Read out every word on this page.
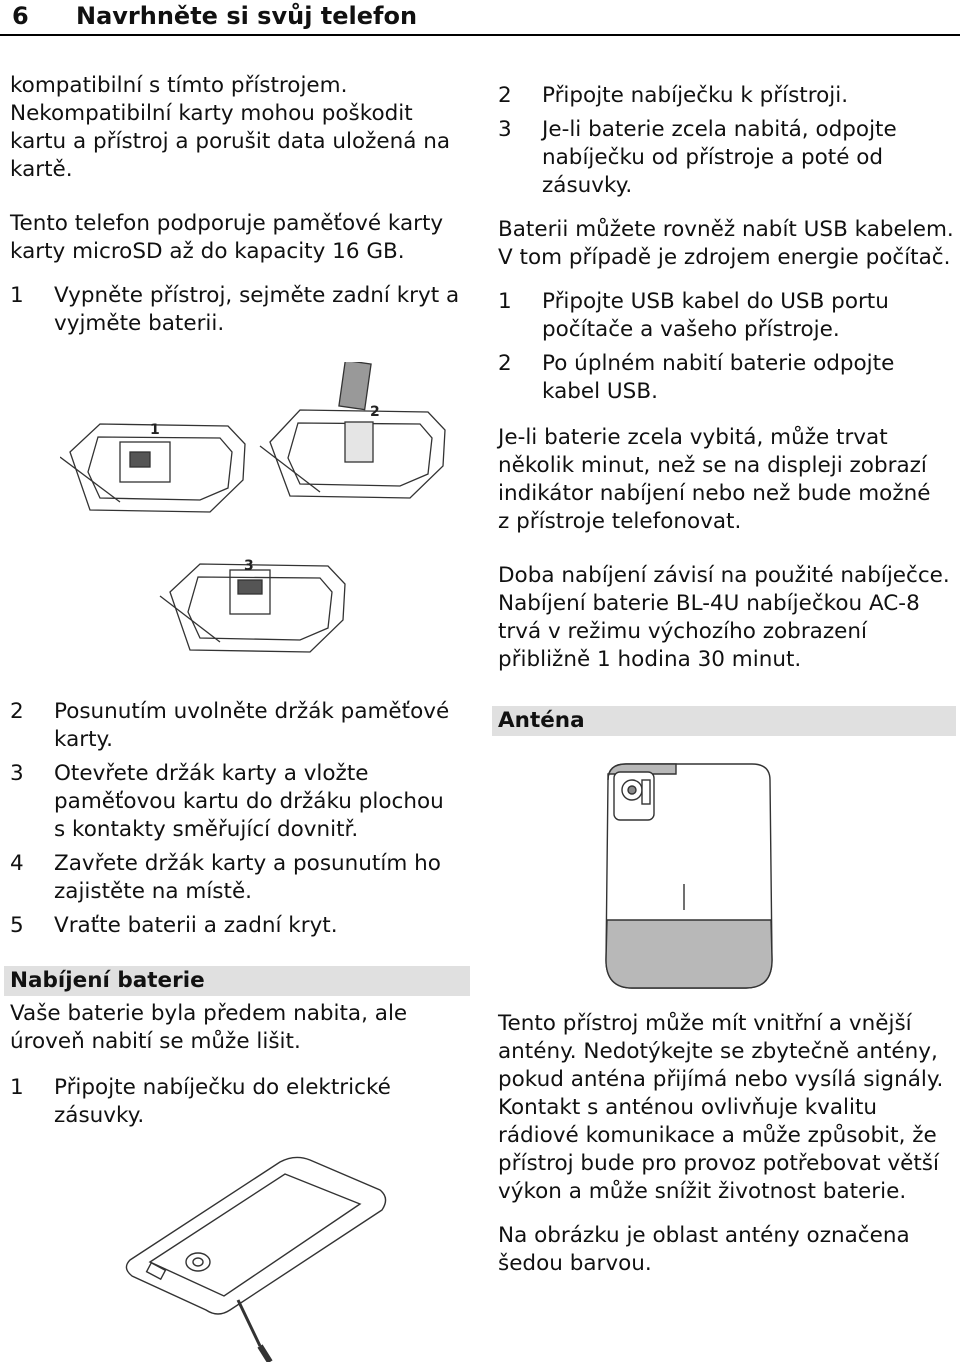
6 Navrhněte si svůj telefon

kompatibilní s tímto přístrojem.

Nekompatibilní karty mohou poškodit

kartu a přístroj a porušit data uložená na

kartě.

Tento telefon podporuje paměťové karty

karty microSD až do kapacity 16 GB.

1 Vypněte přístroj, sejměte zadní kryt a

vyjměte baterii.

1
2
3
2 Posunutím uvolněte držák paměťové

karty.

3 Otevřete držák karty a vložte

paměťovou kartu do držáku plochou

s kontakty směřující dovnitř.

4 Zavřete držák karty a posunutím ho

zajistěte na místě.

5 Vraťte baterii a zadní kryt.

Nabíjení baterie

Vaše baterie byla předem nabita, ale

úroveň nabití se může lišit.

1 Připojte nabíječku do elektrické

zásuvky.

2 Připojte nabíječku k přístroji.

3 Je-li baterie zcela nabitá, odpojte

nabíječku od přístroje a poté od

zásuvky.

Baterii můžete rovněž nabít USB kabelem.

V tom případě je zdrojem energie počítač.

1 Připojte USB kabel do USB portu

počítače a vašeho přístroje.

2 Po úplném nabití baterie odpojte

kabel USB.

Je-li baterie zcela vybitá, může trvat

několik minut, než se na displeji zobrazí

indikátor nabíjení nebo než bude možné

z přístroje telefonovat.

Doba nabíjení závisí na použité nabíječce.

Nabíjení baterie BL-4U nabíječkou AC-8

trvá v režimu výchozího zobrazení

přibližně 1 hodina 30 minut.

Anténa

Tento přístroj může mít vnitřní a vnější

antény. Nedotýkejte se zbytečně antény,

pokud anténa přijímá nebo vysílá signály.

Kontakt s anténou ovlivňuje kvalitu

rádiové komunikace a může způsobit, že

přístroj bude pro provoz potřebovat větší

výkon a může snížit životnost baterie.

Na obrázku je oblast antény označena

šedou barvou.
